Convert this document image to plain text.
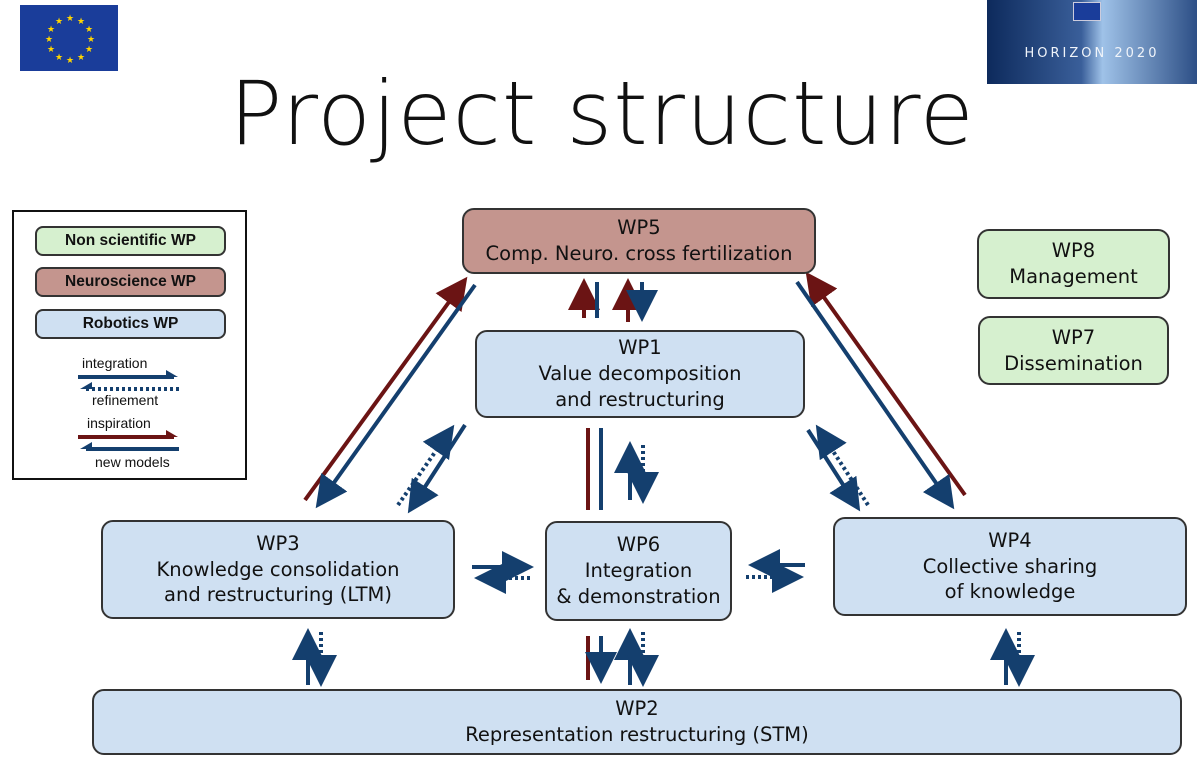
★ ★
★
★
★
★
★
★
★
★
★
★
HORIZON 2020
Project structure
Non scientific WP
Neuroscience WP
Robotics WP
integration
refinement
inspiration
new models
WP5
Comp. Neuro. cross fertilization
WP1
Value decomposition
and restructuring
WP8
Management
WP7
Dissemination
WP3
Knowledge consolidation
and restructuring (LTM)
WP6
Integration
& demonstration
WP4
Collective sharing
of knowledge
WP2
Representation restructuring (STM)
